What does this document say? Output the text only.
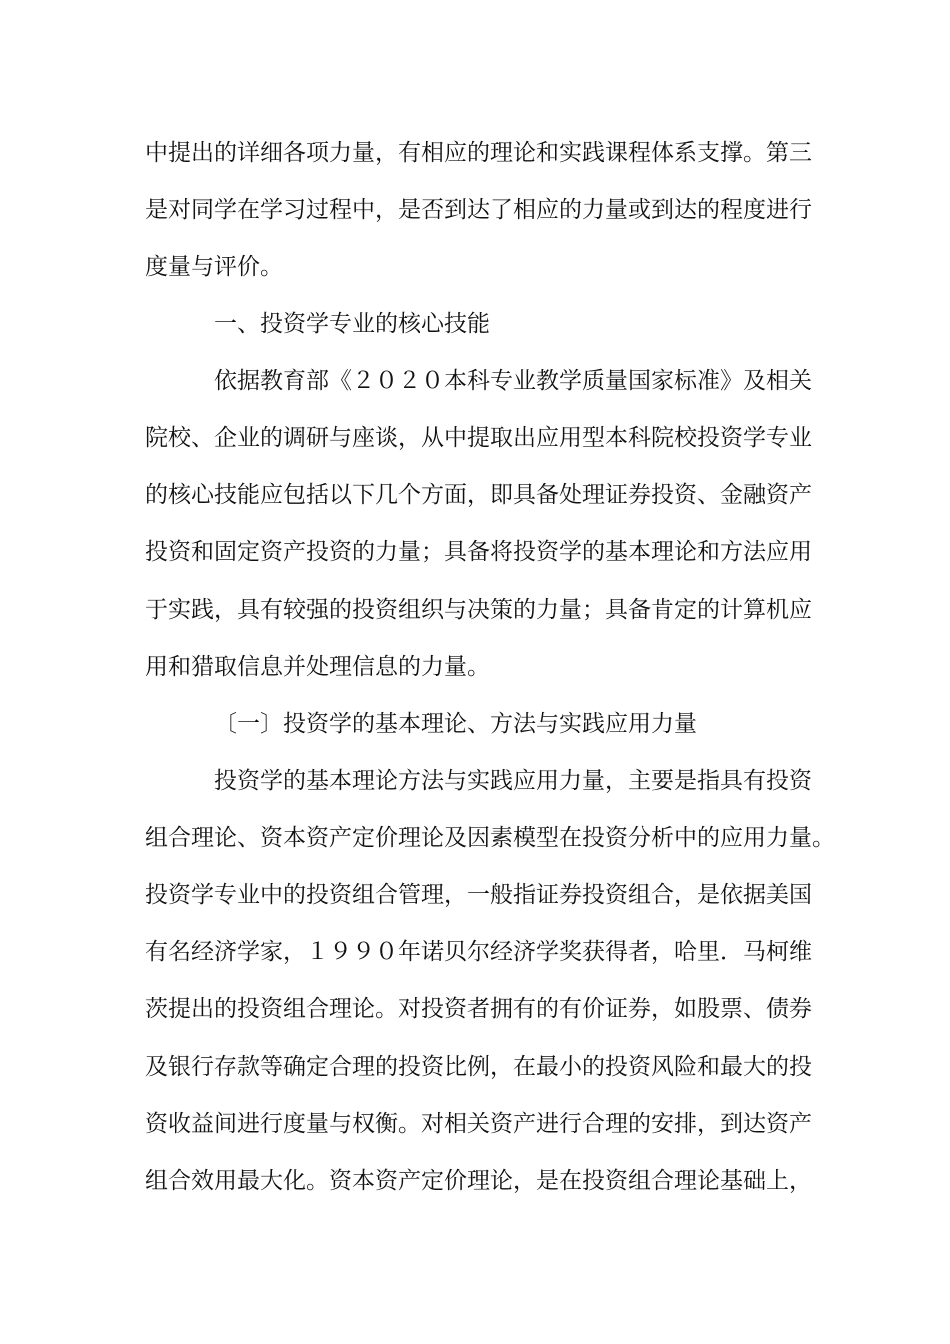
中提出的详细各项力量，有相应的理论和实践课程体系支撑。第三

是对同学在学习过程中，是否到达了相应的力量或到达的程度进行

度量与评价。

一、投资学专业的核心技能

依据教育部《２０２０本科专业教学质量国家标准》及相关

院校、企业的调研与座谈，从中提取出应用型本科院校投资学专业

的核心技能应包括以下几个方面，即具备处理证券投资、金融资产

投资和固定资产投资的力量；具备将投资学的基本理论和方法应用

于实践，具有较强的投资组织与决策的力量；具备肯定的计算机应

用和猎取信息并处理信息的力量。

〔一〕投资学的基本理论、方法与实践应用力量

投资学的基本理论方法与实践应用力量，主要是指具有投资

组合理论、资本资产定价理论及因素模型在投资分析中的应用力量。

投资学专业中的投资组合管理，一般指证券投资组合，是依据美国

有名经济学家，１９９０年诺贝尔经济学奖获得者，哈里．马柯维

茨提出的投资组合理论。对投资者拥有的有价证券，如股票、债券

及银行存款等确定合理的投资比例，在最小的投资风险和最大的投

资收益间进行度量与权衡。对相关资产进行合理的安排，到达资产

组合效用最大化。资本资产定价理论，是在投资组合理论基础上，
